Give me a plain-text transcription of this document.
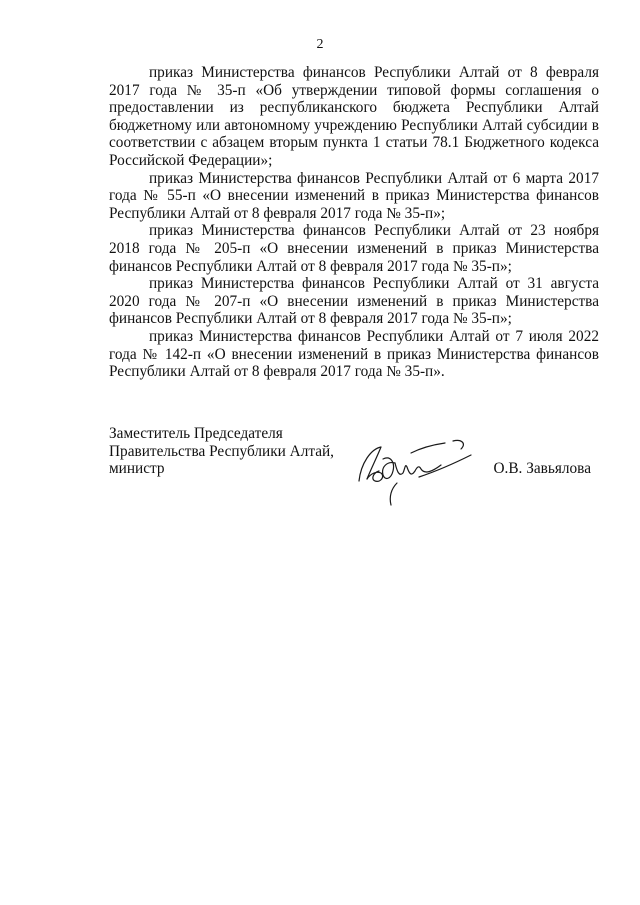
2

приказ Министерства финансов Республики Алтай от 8 февраля 2017 года № 35-п «Об утверждении типовой формы соглашения о предоставлении из республиканского бюджета Республики Алтай бюджетному или автономному учреждению Республики Алтай субсидии в соответствии с абзацем вторым пункта 1 статьи 78.1 Бюджетного кодекса Российской Федерации»;

приказ Министерства финансов Республики Алтай от 6 марта 2017 года № 55-п «О внесении изменений в приказ Министерства финансов Республики Алтай от 8 февраля 2017 года № 35-п»;

приказ Министерства финансов Республики Алтай от 23 ноября 2018 года № 205-п «О внесении изменений в приказ Министерства финансов Республики Алтай от 8 февраля 2017 года № 35-п»;

приказ Министерства финансов Республики Алтай от 31 августа 2020 года № 207-п «О внесении изменений в приказ Министерства финансов Республики Алтай от 8 февраля 2017 года № 35-п»;

приказ Министерства финансов Республики Алтай от 7 июля 2022 года № 142-п «О внесении изменений в приказ Министерства финансов Республики Алтай от 8 февраля 2017 года № 35-п».

Заместитель Председателя
Правительства Республики Алтай,
министр	О.В. Завьялова
